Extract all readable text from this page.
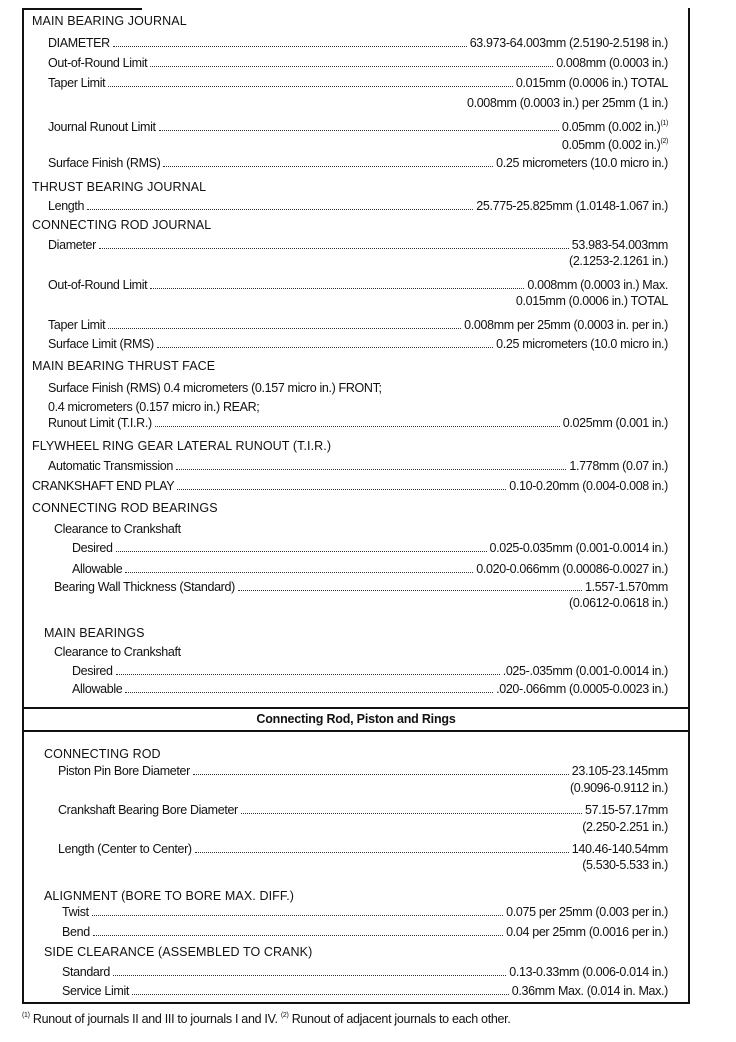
Connecting Rod, Piston and Rings
MAIN BEARING JOURNAL
DIAMETER	63.973-64.003mm (2.5190-2.5198 in.)
Out-of-Round Limit	0.008mm (0.0003 in.)
Taper Limit	0.015mm (0.0006 in.) TOTAL
0.008mm (0.0003 in.) per 25mm (1 in.)
Journal Runout Limit	0.05mm (0.002 in.)$^{(1)}$
0.05mm (0.002 in.)$^{(2)}$
Surface Finish (RMS)	0.25 micrometers (10.0 micro in.)
THRUST BEARING JOURNAL
Length	25.775-25.825mm (1.0148-1.067 in.)
CONNECTING ROD JOURNAL
Diameter	53.983-54.003mm
(2.1253-2.1261 in.)
Out-of-Round Limit	0.008mm (0.0003 in.) Max.
0.015mm (0.0006 in.) TOTAL
Taper Limit	0.008mm per 25mm (0.0003 in. per in.)
Surface Limit (RMS)	0.25 micrometers (10.0 micro in.)
MAIN BEARING THRUST FACE
Surface Finish (RMS) 0.4 micrometers (0.157 micro in.) FRONT;
0.4 micrometers (0.157 micro in.) REAR;
Runout Limit (T.I.R.)	0.025mm (0.001 in.)
FLYWHEEL RING GEAR LATERAL RUNOUT (T.I.R.)
Automatic Transmission	1.778mm (0.07 in.)
CRANKSHAFT END PLAY	0.10-0.20mm (0.004-0.008 in.)
CONNECTING ROD BEARINGS
Clearance to Crankshaft
Desired	0.025-0.035mm (0.001-0.0014 in.)
Allowable	0.020-0.066mm (0.00086-0.0027 in.)
Bearing Wall Thickness (Standard)	1.557-1.570mm
(0.0612-0.0618 in.)
MAIN BEARINGS
Clearance to Crankshaft
Desired	.025-.035mm (0.001-0.0014 in.)
Allowable	.020-.066mm (0.0005-0.0023 in.)
CONNECTING ROD
Piston Pin Bore Diameter	23.105-23.145mm
(0.9096-0.9112 in.)
Crankshaft Bearing Bore Diameter	57.15-57.17mm
(2.250-2.251 in.)
Length (Center to Center)	140.46-140.54mm
(5.530-5.533 in.)
ALIGNMENT (BORE TO BORE MAX. DIFF.)
Twist	0.075 per 25mm (0.003 per in.)
Bend	0.04 per 25mm (0.0016 per in.)
SIDE CLEARANCE (ASSEMBLED TO CRANK)
Standard	0.13-0.33mm (0.006-0.014 in.)
Service Limit	0.36mm Max. (0.014 in. Max.)
$^{(1)}$ Runout of journals II and III to journals I and IV. $^{(2)}$ Runout of adjacent journals to each other.
